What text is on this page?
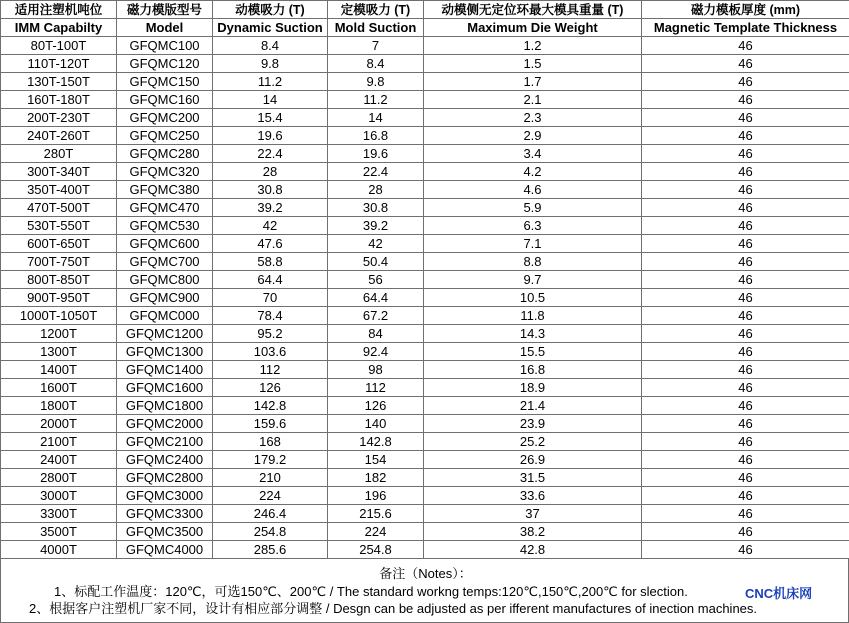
适用注塑机吨位	磁力模版型号	动模吸力 (T)	定模吸力 (T)	动模侧无定位环最大模具重量 (T)	磁力模板厚度 (mm)
IMM Capabilty	Model	Dynamic Suction	Mold Suction	Maximum Die Weight	Magnetic Template Thickness
80T-100T	GFQMC100	8.4	7	1.2	46
110T-120T	GFQMC120	9.8	8.4	1.5	46
130T-150T	GFQMC150	11.2	9.8	1.7	46
160T-180T	GFQMC160	14	11.2	2.1	46
200T-230T	GFQMC200	15.4	14	2.3	46
240T-260T	GFQMC250	19.6	16.8	2.9	46
280T	GFQMC280	22.4	19.6	3.4	46
300T-340T	GFQMC320	28	22.4	4.2	46
350T-400T	GFQMC380	30.8	28	4.6	46
470T-500T	GFQMC470	39.2	30.8	5.9	46
530T-550T	GFQMC530	42	39.2	6.3	46
600T-650T	GFQMC600	47.6	42	7.1	46
700T-750T	GFQMC700	58.8	50.4	8.8	46
800T-850T	GFQMC800	64.4	56	9.7	46
900T-950T	GFQMC900	70	64.4	10.5	46
1000T-1050T	GFQMC000	78.4	67.2	11.8	46
1200T	GFQMC1200	95.2	84	14.3	46
1300T	GFQMC1300	103.6	92.4	15.5	46
1400T	GFQMC1400	112	98	16.8	46
1600T	GFQMC1600	126	112	18.9	46
1800T	GFQMC1800	142.8	126	21.4	46
2000T	GFQMC2000	159.6	140	23.9	46
2100T	GFQMC2100	168	142.8	25.2	46
2400T	GFQMC2400	179.2	154	26.9	46
2800T	GFQMC2800	210	182	31.5	46
3000T	GFQMC3000	224	196	33.6	46
3300T	GFQMC3300	246.4	215.6	37	46
3500T	GFQMC3500	254.8	224	38.2	46
4000T	GFQMC4000	285.6	254.8	42.8	46
备注（Notes）：
1、标配工作温度：120℃，可选150℃、200℃ / The standard workng temps:120℃,150℃,200℃ for slection.	CNC机床网
2、根据客户注塑机厂家不同，设计有相应部分调整 / Desgn can be adjusted as per ifferent manufactures of inection machines.
